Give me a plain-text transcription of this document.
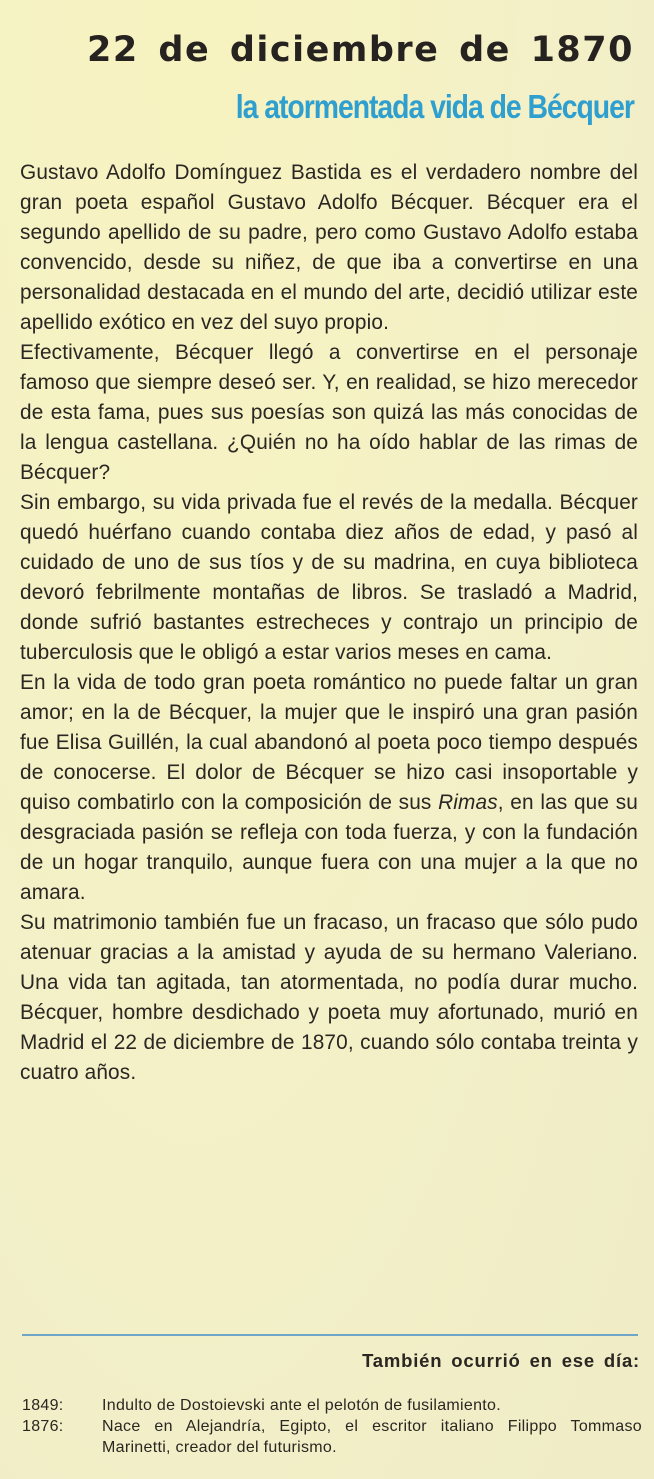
22 de diciembre de 1870
la atormentada vida de Bécquer

Gustavo Adolfo Domínguez Bastida es el verdadero nombre del gran poeta español Gustavo Adolfo Bécquer. Bécquer era el segundo apellido de su padre, pero como Gustavo Adolfo estaba convencido, desde su niñez, de que iba a convertirse en una personalidad destacada en el mundo del arte, decidió utilizar este apellido exótico en vez del suyo propio.

Efectivamente, Bécquer llegó a convertirse en el personaje famoso que siempre deseó ser. Y, en realidad, se hizo merecedor de esta fama, pues sus poesías son quizá las más conocidas de la lengua castellana. ¿Quién no ha oído hablar de las rimas de Bécquer?

Sin embargo, su vida privada fue el revés de la medalla. Bécquer quedó huérfano cuando contaba diez años de edad, y pasó al cuidado de uno de sus tíos y de su madrina, en cuya biblioteca devoró febrilmente montañas de libros. Se trasladó a Madrid, donde sufrió bastantes estrecheces y contrajo un principio de tuberculosis que le obligó a estar varios meses en cama.

En la vida de todo gran poeta romántico no puede faltar un gran amor; en la de Bécquer, la mujer que le inspiró una gran pasión fue Elisa Guillén, la cual abandonó al poeta poco tiempo después de conocerse. El dolor de Bécquer se hizo casi insoportable y quiso combatirlo con la composición de sus Rimas, en las que su desgraciada pasión se refleja con toda fuerza, y con la fundación de un hogar tranquilo, aunque fuera con una mujer a la que no amara.

Su matrimonio también fue un fracaso, un fracaso que sólo pudo atenuar gracias a la amistad y ayuda de su hermano Valeriano. Una vida tan agitada, tan atormentada, no podía durar mucho. Bécquer, hombre desdichado y poeta muy afortunado, murió en Madrid el 22 de diciembre de 1870, cuando sólo contaba treinta y cuatro años.

También ocurrió en ese día:
1849:	Indulto de Dostoievski ante el pelotón de fusilamiento.
1876:	Nace en Alejandría, Egipto, el escritor italiano Filippo Tommaso Marinetti, creador del futurismo.
